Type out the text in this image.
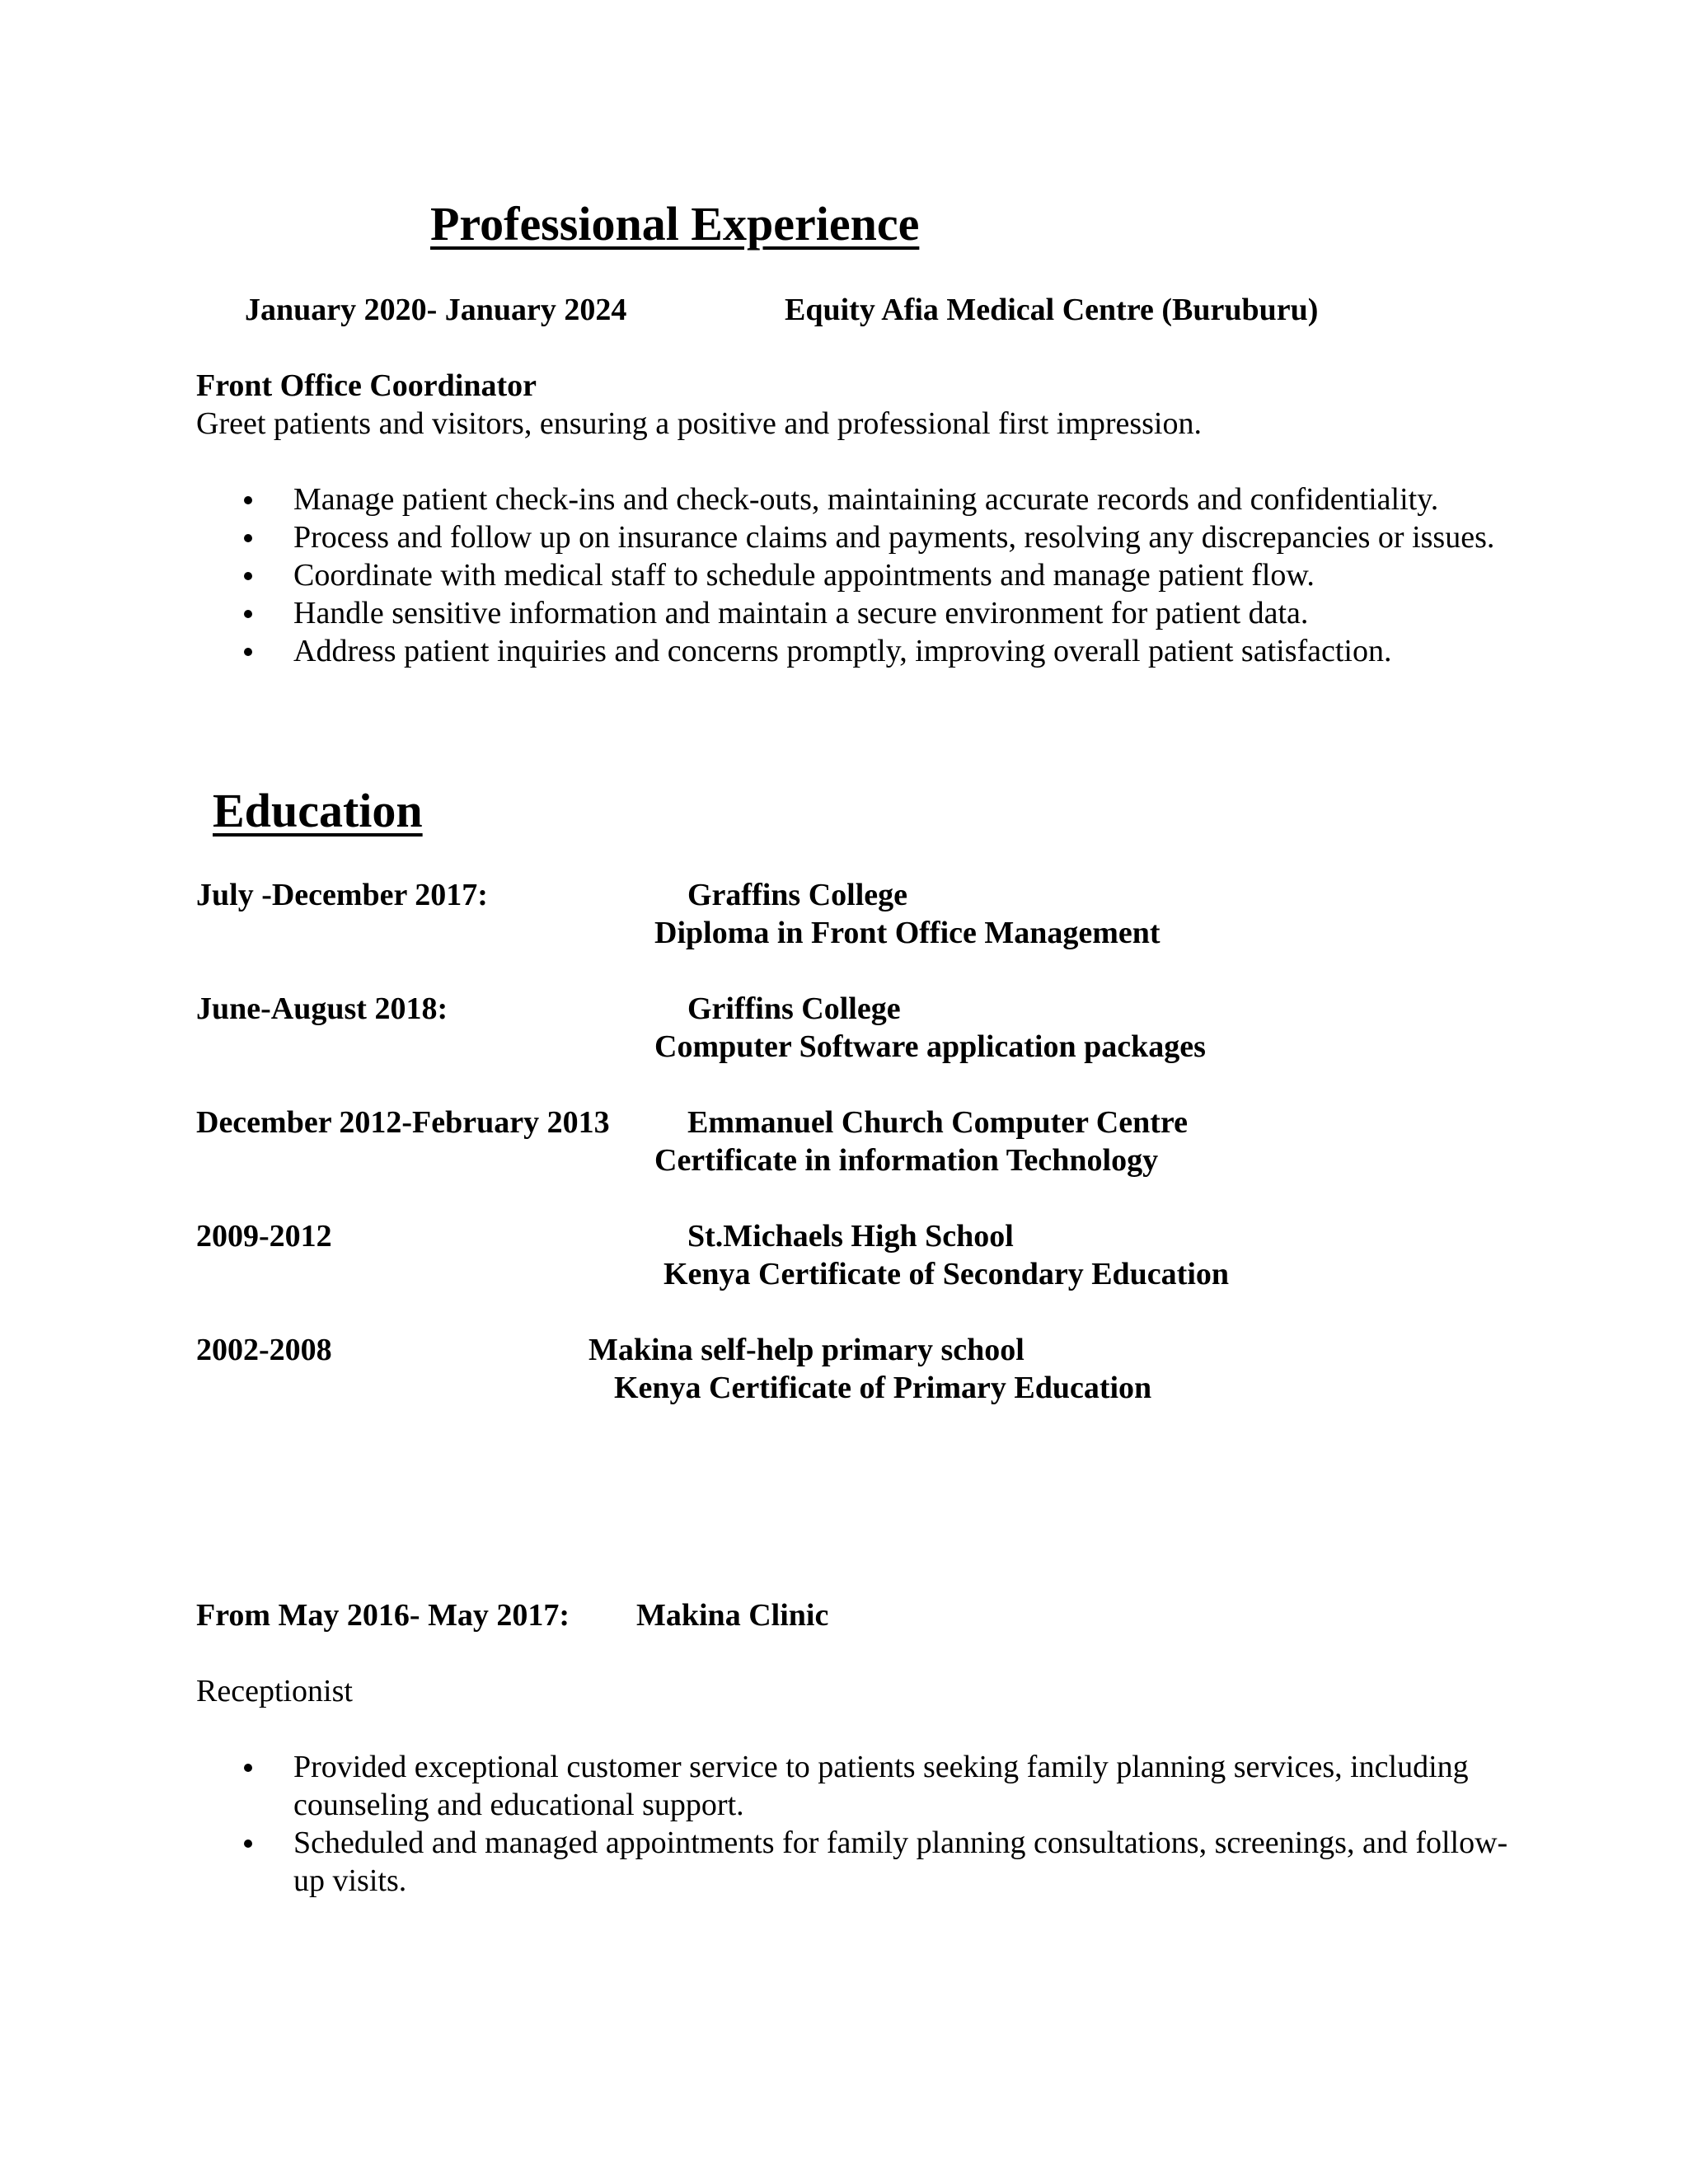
Professional Experience
January 2020- January 2024	Equity Afia Medical Centre (Buruburu)
Front Office Coordinator
Greet patients and visitors, ensuring a positive and professional first impression.
Manage patient check-ins and check-outs, maintaining accurate records and confidentiality.
Process and follow up on insurance claims and payments, resolving any discrepancies or issues.
Coordinate with medical staff to schedule appointments and manage patient flow.
Handle sensitive information and maintain a secure environment for patient data.
Address patient inquiries and concerns promptly, improving overall patient satisfaction.
Education
July -December 2017:	Graffins College
Diploma in Front Office Management
June-August 2018:	Griffins College
Computer Software application packages
December 2012-February 2013 Emmanuel Church Computer Centre
Certificate in information Technology
2009-2012	St.Michaels High School
Kenya Certificate of Secondary Education
2002-2008	Makina self-help primary school
Kenya Certificate of Primary Education
From May 2016- May 2017: Makina Clinic
Receptionist
Provided exceptional customer service to patients seeking family planning services, including counseling and educational support.
Scheduled and managed appointments for family planning consultations, screenings, and follow-up visits.
